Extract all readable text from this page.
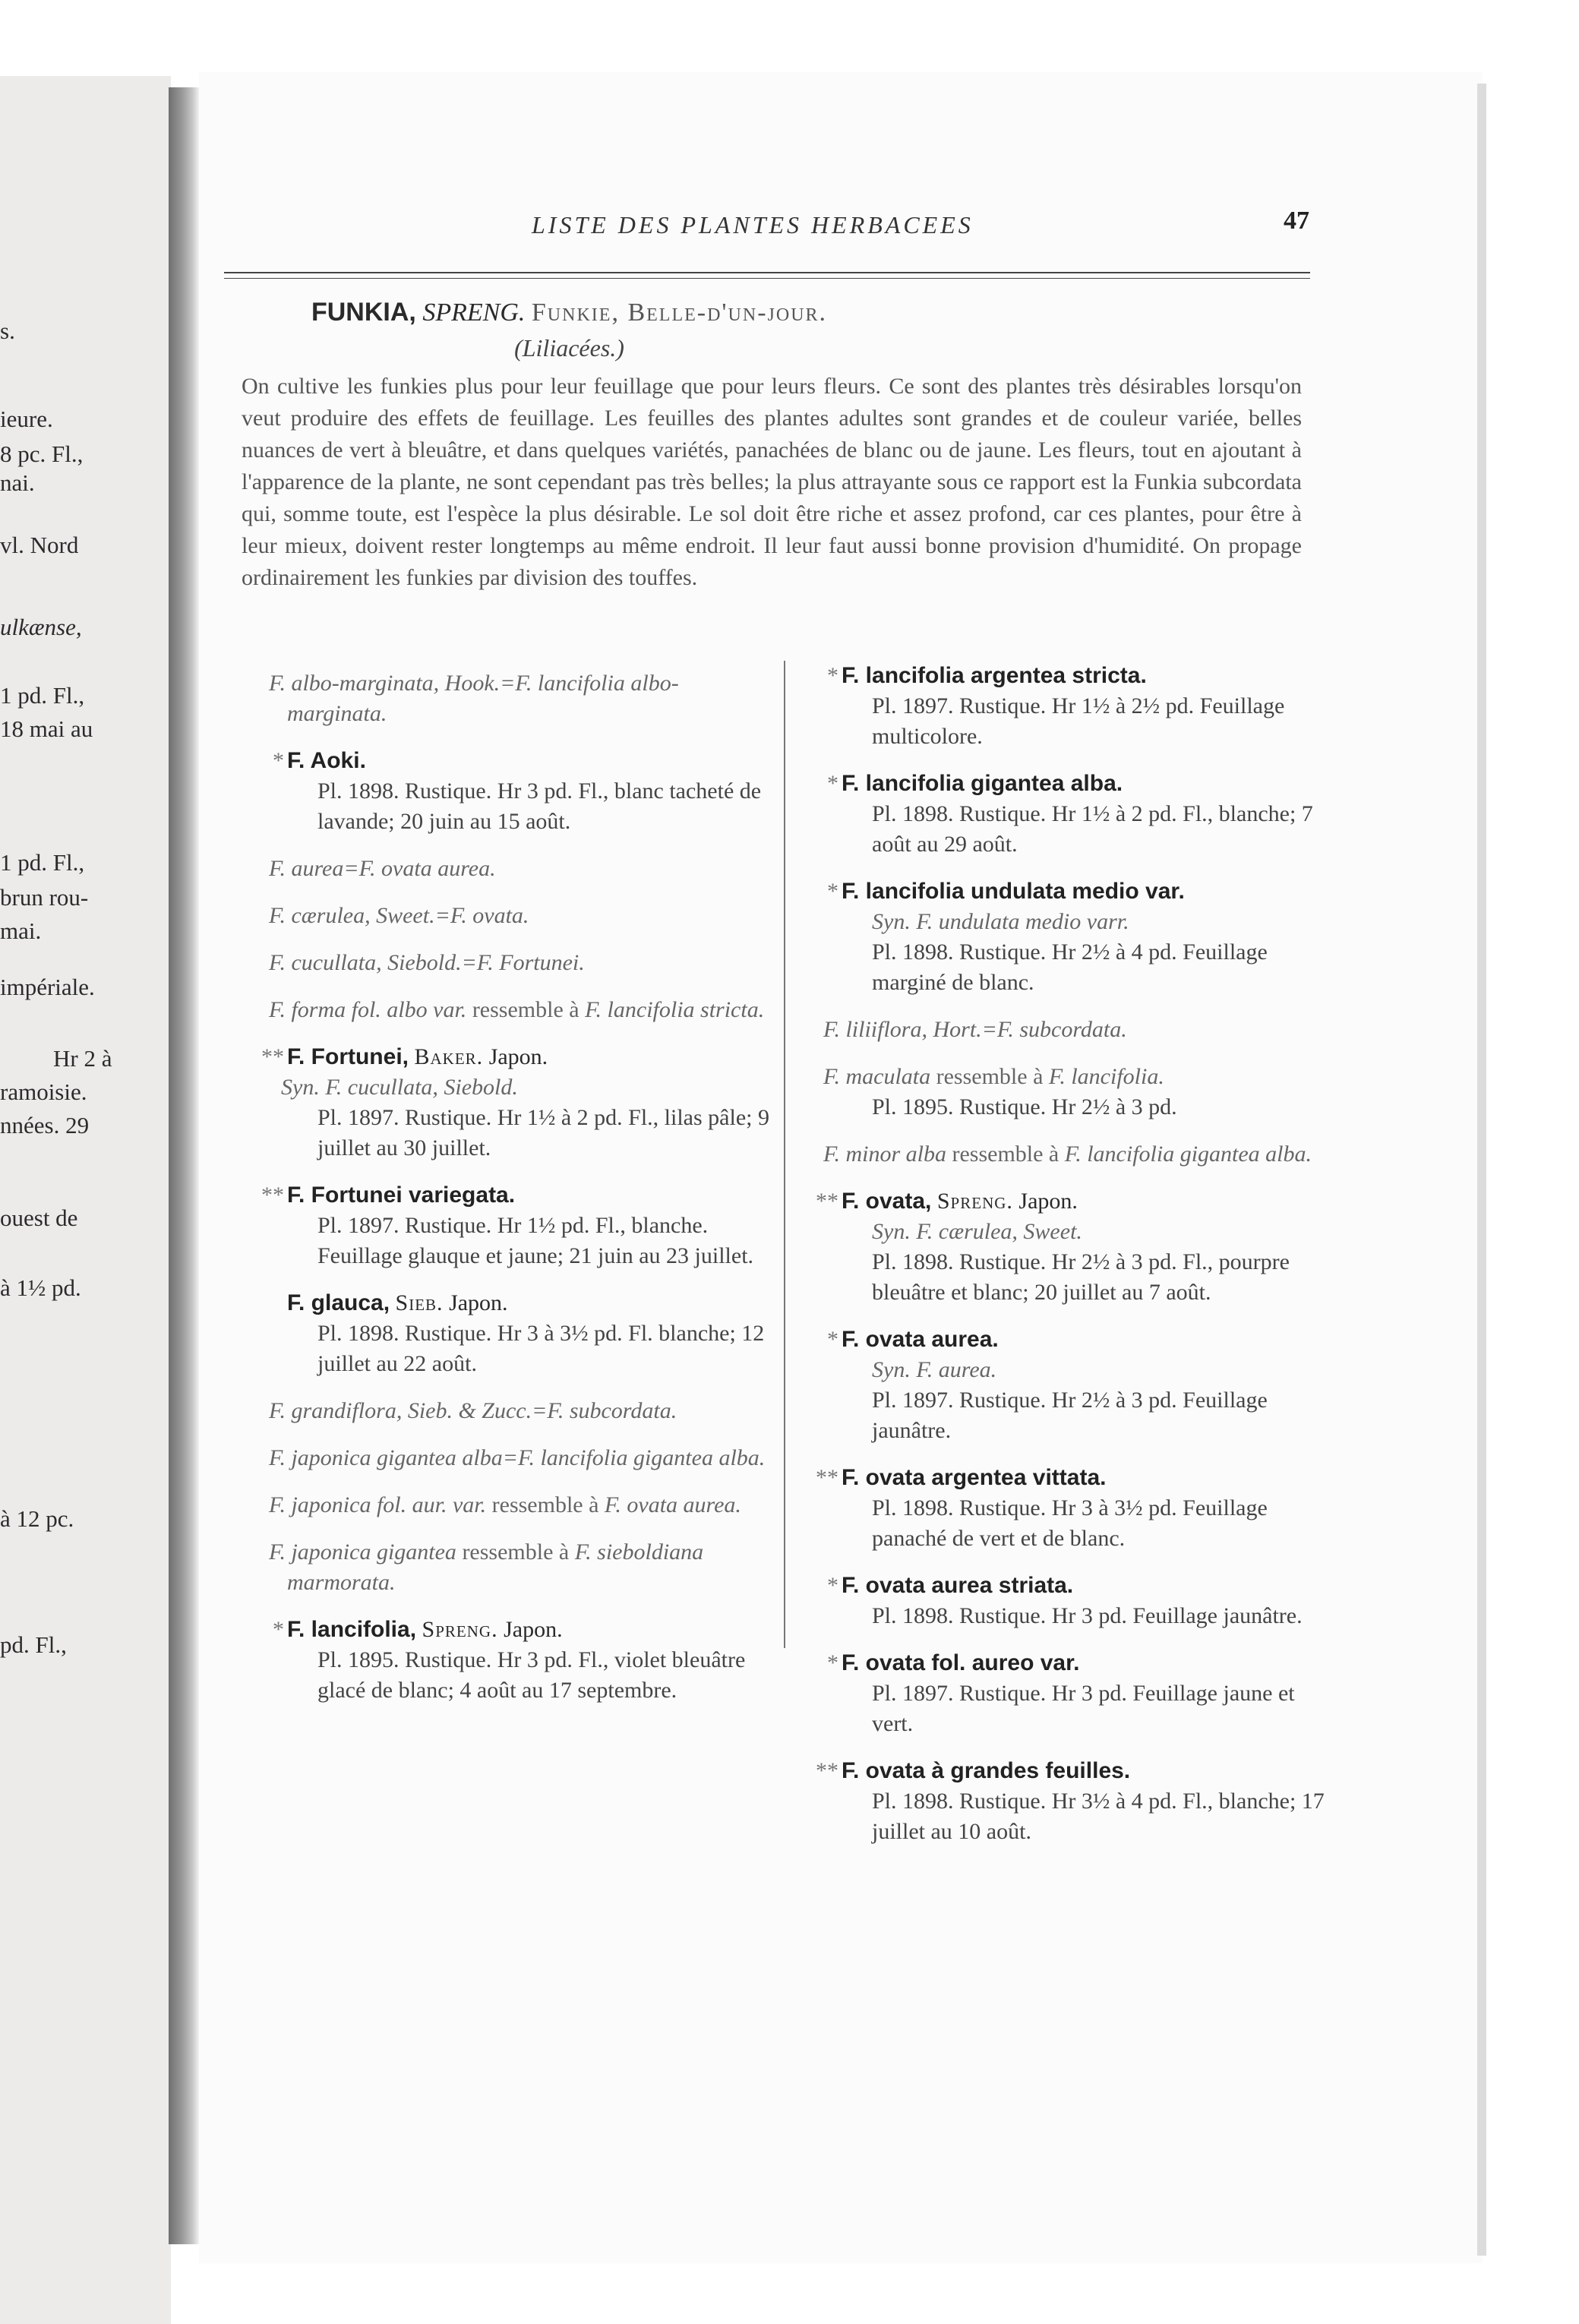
s.
ieure.
8 pc. Fl.,
nai.
vl. Nord
ulkænse,
1 pd. Fl.,
18 mai au
1 pd. Fl.,
brun rou-
mai.
impériale.
Hr 2 à
ramoisie.
nnées. 29
ouest de
à 1½ pd.
à 12 pc.
pd. Fl.,
LISTE DES PLANTES HERBACEES	47
FUNKIA, SPRENG. Funkie, Belle-d'un-jour.
(Liliacées.)
On cultive les funkies plus pour leur feuillage que pour leurs fleurs. Ce sont des plantes très désirables lorsqu'on veut produire des effets de feuillage. Les feuilles des plantes adultes sont grandes et de couleur variée, belles nuances de vert à bleuâtre, et dans quelques variétés, panachées de blanc ou de jaune. Les fleurs, tout en ajoutant à l'apparence de la plante, ne sont cependant pas très belles; la plus attrayante sous ce rapport est la Funkia subcordata qui, somme toute, est l'espèce la plus désirable. Le sol doit être riche et assez profond, car ces plantes, pour être à leur mieux, doivent rester longtemps au même endroit. Il leur faut aussi bonne provision d'humidité. On propage ordinairement les funkies par division des touffes.
F. albo-marginata, Hook.=F. lancifolia albo-marginata.
* F. Aoki.
Pl. 1898. Rustique. Hr 3 pd. Fl., blanc tacheté de lavande; 20 juin au 15 août.
F. aurea=F. ovata aurea.
F. cærulea, Sweet.=F. ovata.
F. cucullata, Siebold.=F. Fortunei.
F. forma fol. albo var. ressemble à F. lancifolia stricta.
** F. Fortunei, Baker. Japon.
Syn. F. cucullata, Siebold.
Pl. 1897. Rustique. Hr 1½ à 2 pd. Fl., lilas pâle; 9 juillet au 30 juillet.
** F. Fortunei variegata.
Pl. 1897. Rustique. Hr 1½ pd. Fl., blanche. Feuillage glauque et jaune; 21 juin au 23 juillet.
F. glauca, Sieb. Japon.
Pl. 1898. Rustique. Hr 3 à 3½ pd. Fl. blanche; 12 juillet au 22 août.
F. grandiflora, Sieb. & Zucc.=F. subcordata.
F. japonica gigantea alba=F. lancifolia gigantea alba.
F. japonica fol. aur. var. ressemble à F. ovata aurea.
F. japonica gigantea ressemble à F. sieboldiana marmorata.
* F. lancifolia, Spreng. Japon.
Pl. 1895. Rustique. Hr 3 pd. Fl., violet bleuâtre glacé de blanc; 4 août au 17 septembre.
* F. lancifolia argentea stricta.
Pl. 1897. Rustique. Hr 1½ à 2½ pd. Feuillage multicolore.
* F. lancifolia gigantea alba.
Pl. 1898. Rustique. Hr 1½ à 2 pd. Fl., blanche; 7 août au 29 août.
* F. lancifolia undulata medio var.
Syn. F. undulata medio varr.
Pl. 1898. Rustique. Hr 2½ à 4 pd. Feuillage marginé de blanc.
F. liliiflora, Hort.=F. subcordata.
F. maculata ressemble à F. lancifolia.
Pl. 1895. Rustique. Hr 2½ à 3 pd.
F. minor alba ressemble à F. lancifolia gigantea alba.
** F. ovata, Spreng. Japon.
Syn. F. cærulea, Sweet.
Pl. 1898. Rustique. Hr 2½ à 3 pd. Fl., pourpre bleuâtre et blanc; 20 juillet au 7 août.
* F. ovata aurea.
Syn. F. aurea.
Pl. 1897. Rustique. Hr 2½ à 3 pd. Feuillage jaunâtre.
** F. ovata argentea vittata.
Pl. 1898. Rustique. Hr 3 à 3½ pd. Feuillage panaché de vert et de blanc.
* F. ovata aurea striata.
Pl. 1898. Rustique. Hr 3 pd. Feuillage jaunâtre.
* F. ovata fol. aureo var.
Pl. 1897. Rustique. Hr 3 pd. Feuillage jaune et vert.
** F. ovata à grandes feuilles.
Pl. 1898. Rustique. Hr 3½ à 4 pd. Fl., blanche; 17 juillet au 10 août.
